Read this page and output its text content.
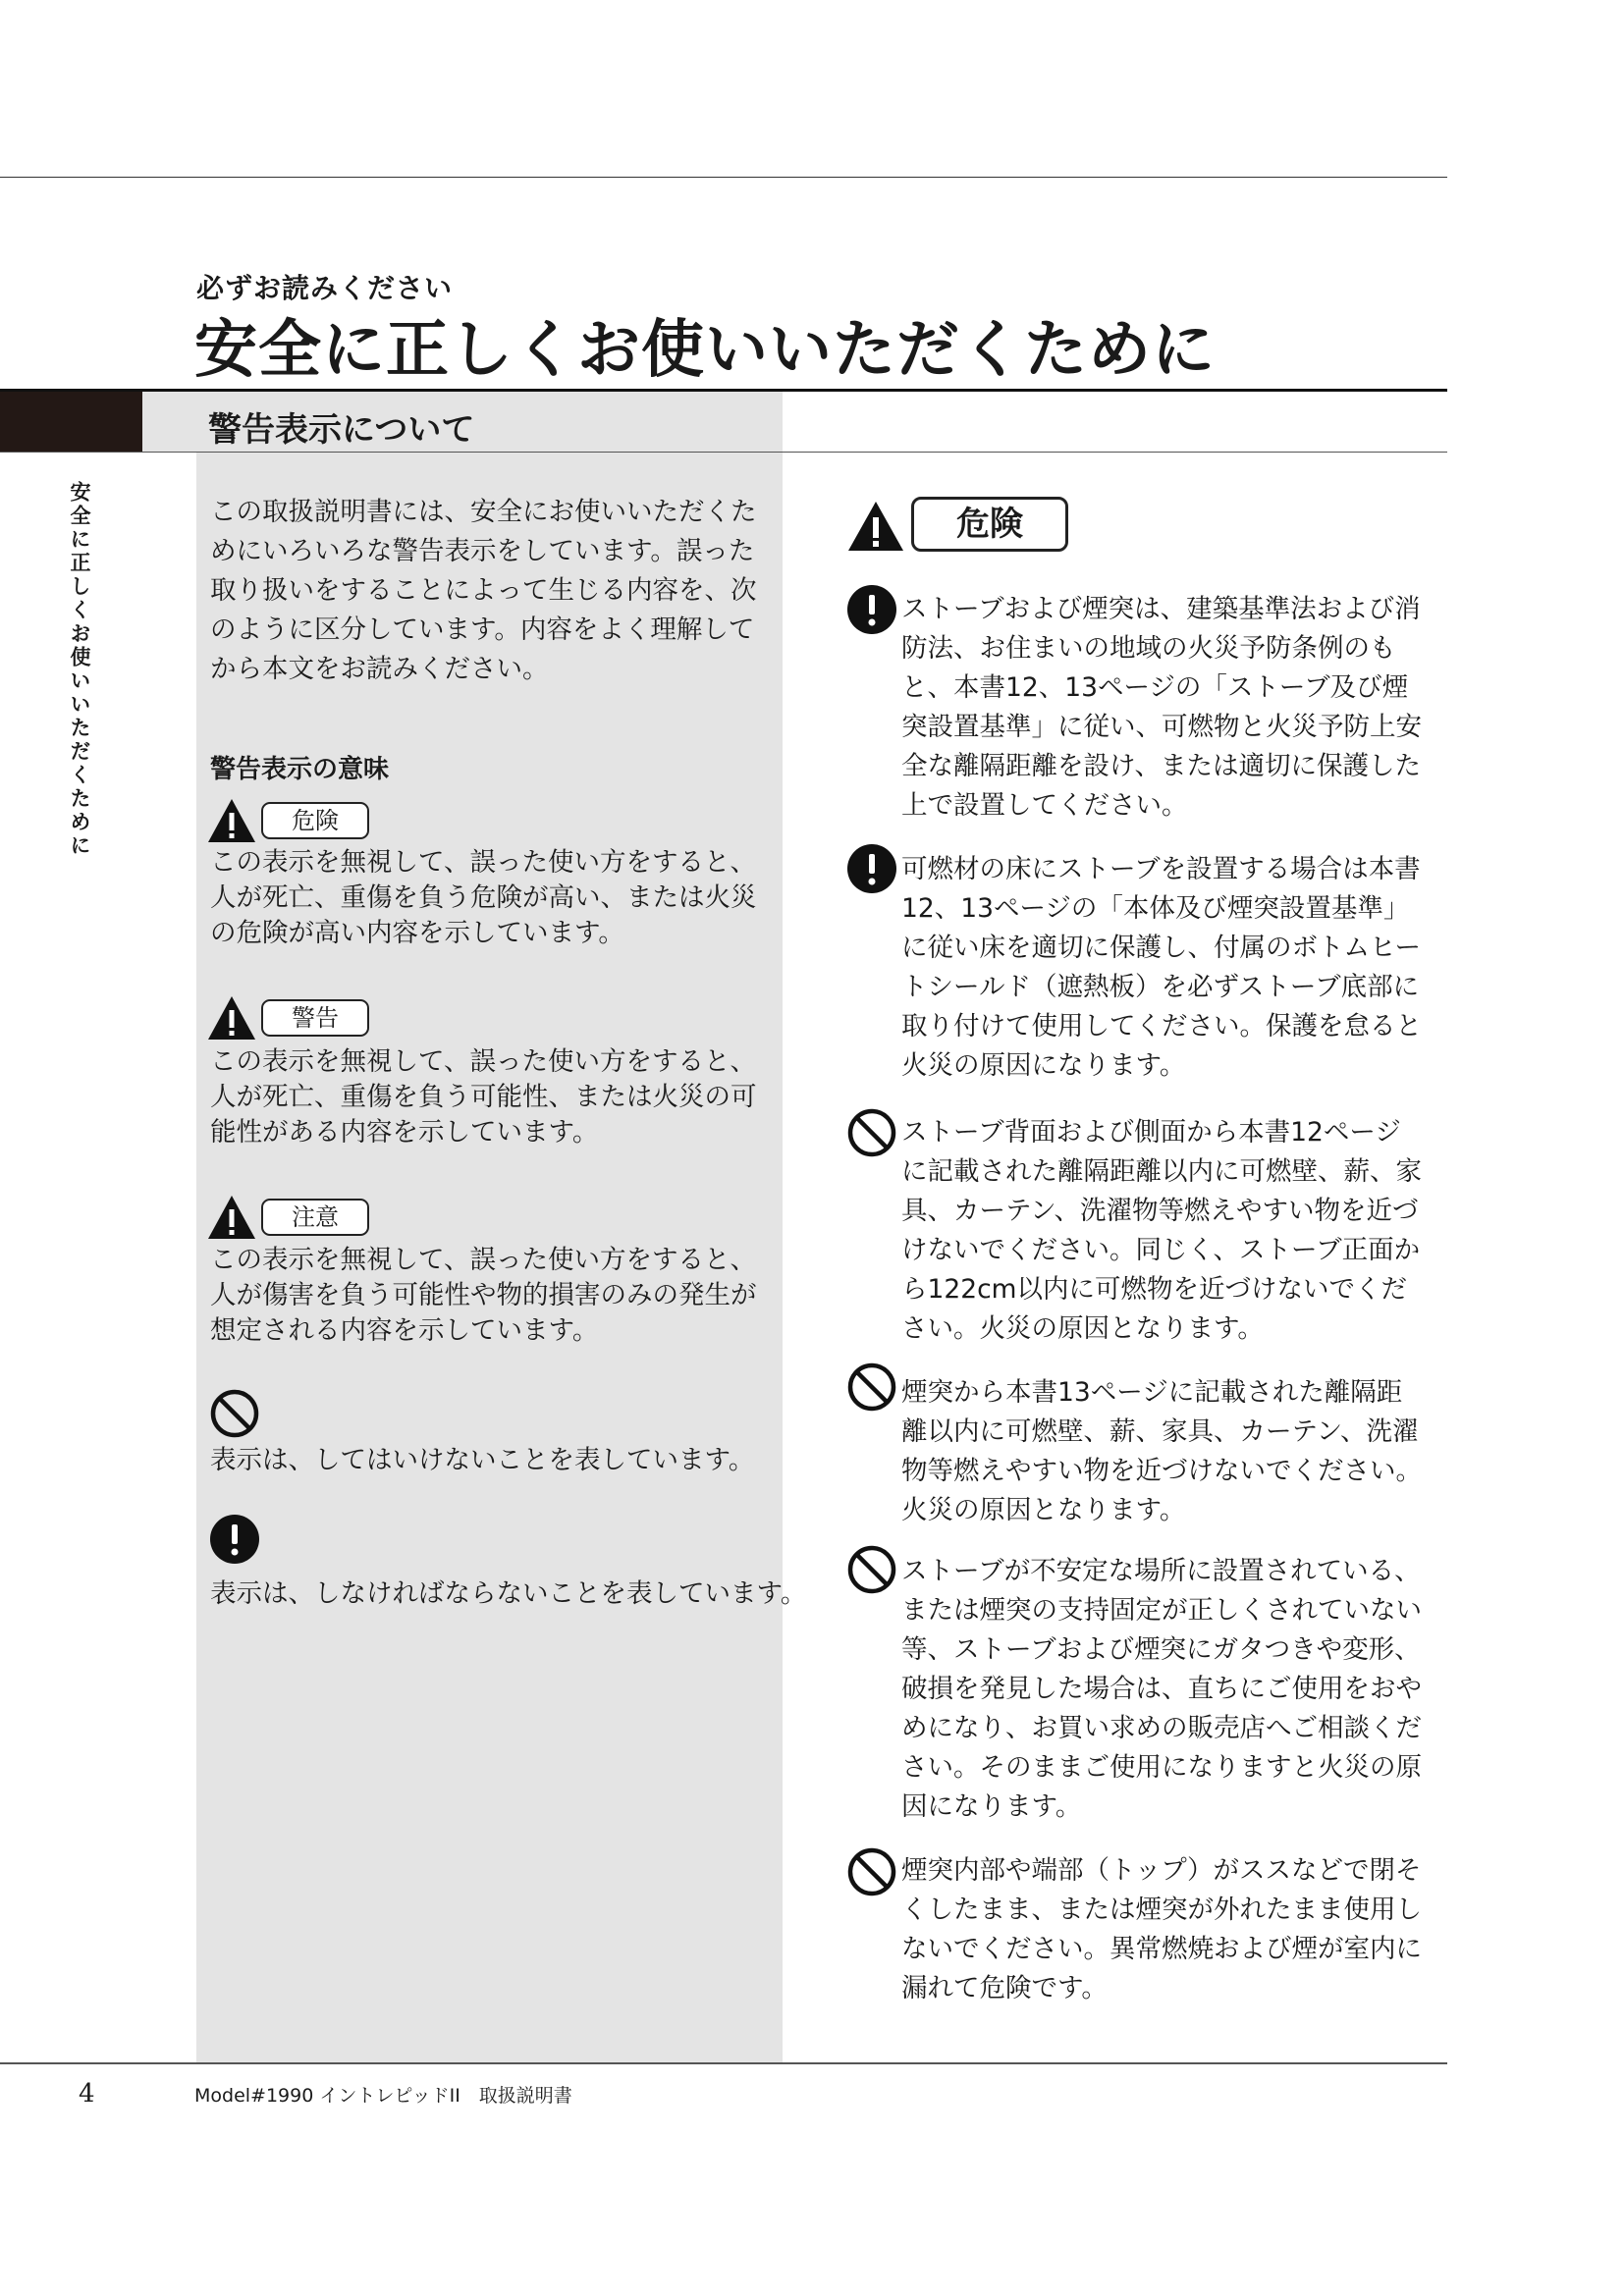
必ずお読みください
安全に正しくお使いいただくために
警告表示について
安全に正しくお使いいただくために	この取扱説明書には、安全にお使いいただくた
めにいろいろな警告表示をしています。誤った
取り扱いをすることによって生じる内容を、次
のように区分しています。内容をよく理解して
から本文をお読みください。
警告表示の意味
危険
この表示を無視して、誤った使い方をすると、
人が死亡、重傷を負う危険が高い、または火災
の危険が高い内容を示しています。
警告
この表示を無視して、誤った使い方をすると、
人が死亡、重傷を負う可能性、または火災の可
能性がある内容を示しています。
注意
この表示を無視して、誤った使い方をすると、
人が傷害を負う可能性や物的損害のみの発生が
想定される内容を示しています。
表示は、してはいけないことを表しています。
表示は、しなければならないことを表しています。
危険
ストーブおよび煙突は、建築基準法および消
防法、お住まいの地域の火災予防条例のも
と、本書12、13ページの「ストーブ及び煙
突設置基準」に従い、可燃物と火災予防上安
全な離隔距離を設け、または適切に保護した
上で設置してください。
可燃材の床にストーブを設置する場合は本書
12、13ページの「本体及び煙突設置基準」
に従い床を適切に保護し、付属のボトムヒー
トシールド（遮熱板）を必ずストーブ底部に
取り付けて使用してください。保護を怠ると
火災の原因になります。
ストーブ背面および側面から本書12ページ
に記載された離隔距離以内に可燃壁、薪、家
具、カーテン、洗濯物等燃えやすい物を近づ
けないでください。同じく、ストーブ正面か
ら122cm以内に可燃物を近づけないでくだ
さい。火災の原因となります。
煙突から本書13ページに記載された離隔距
離以内に可燃壁、薪、家具、カーテン、洗濯
物等燃えやすい物を近づけないでください。
火災の原因となります。
ストーブが不安定な場所に設置されている、
または煙突の支持固定が正しくされていない
等、ストーブおよび煙突にガタつきや変形、
破損を発見した場合は、直ちにご使用をおや
めになり、お買い求めの販売店へご相談くだ
さい。そのままご使用になりますと火災の原
因になります。
煙突内部や端部（トップ）がススなどで閉そ
くしたまま、または煙突が外れたまま使用し
ないでください。異常燃焼および煙が室内に
漏れて危険です。
4	Model#1990 イントレピッドII　取扱説明書
